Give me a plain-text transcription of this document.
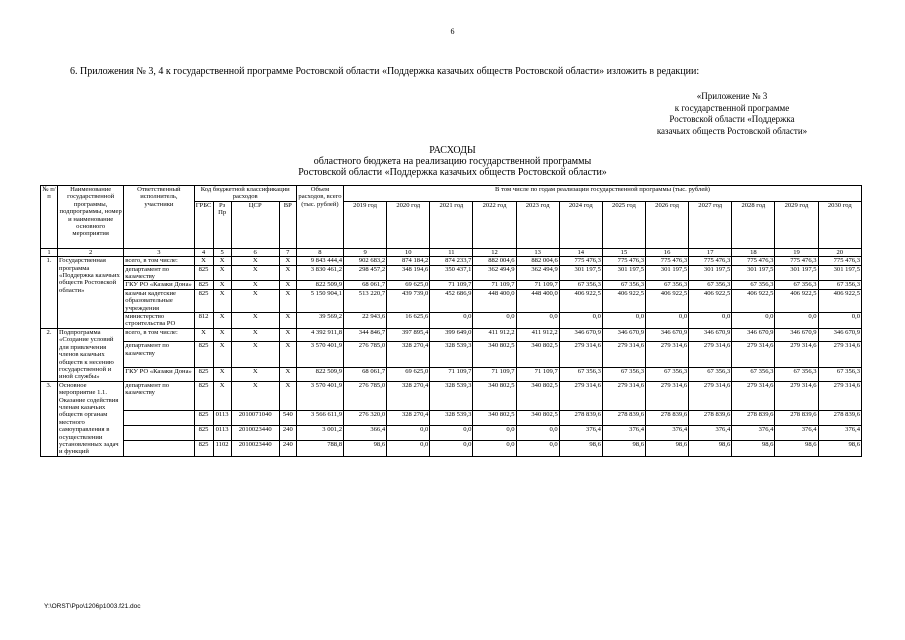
6
6. Приложения № 3, 4 к государственной программе Ростовской области «Поддержка казачьих обществ Ростовской области» изложить в редакции:
«Приложение № 3
к государственной программе
Ростовской области «Поддержка
казачьих обществ Ростовской области»
РАСХОДЫ
областного бюджета на реализацию государственной программы
Ростовской области «Поддержка казачьих обществ Ростовской области»
№ п/п	Наименование государственной программы, подпрограммы, номер и наименование основного мероприятия	Ответственный исполнитель, участники	Код бюджетной классификации расходов				Объем расходов, всего (тыс. рублей)	В том числе по годам реализации государственной программы (тыс. рублей)											
			ГРБС	Рз Пр	ЦСР	ВР		2019 год	2020 год	2021 год	2022 год	2023 год	2024 год	2025 год	2026 год	2027 год	2028 год	2029 год	2030 год
1	2	3	4	5	6	7	8	9	10	11	12	13	14	15	16	17	18	19	20
1.	Государственная программа «Поддержка казачьих обществ Ростовской области»	всего, в том числе:	X	X	X	X	9 843 444,4	902 683,2	874 184,2	874 233,7	882 004,6	882 004,6	775 476,3	775 476,3	775 476,3	775 476,3	775 476,3	775 476,3	775 476,3
		департамент по казачеству	825	X	X	X	3 830 461,2	298 457,2	348 194,6	350 437,1	362 494,9	362 494,9	301 197,5	301 197,5	301 197,5	301 197,5	301 197,5	301 197,5	301 197,5
		ГКУ РО «Казаки Дона»	825	X	X	X	822 509,9	68 061,7	69 625,0	71 109,7	71 109,7	71 109,7	67 356,3	67 356,3	67 356,3	67 356,3	67 356,3	67 356,3	67 356,3
		казачьи кадетские образовательные учреждения	825	X	X	X	5 150 904,1	513 220,7	439 739,0	452 686,9	448 400,0	448 400,0	406 922,5	406 922,5	406 922,5	406 922,5	406 922,5	406 922,5	406 922,5
		министерство строительства РО	812	X	X	X	39 569,2	22 943,6	16 625,6	0,0	0,0	0,0	0,0	0,0	0,0	0,0	0,0	0,0	0,0
2.	Подпрограмма «Создание условий для привлечения членов казачьих обществ к несению государственной и иной службы»	всего, в том числе:	X	X	X	X	4 392 911,8	344 846,7	397 895,4	399 649,0	411 912,2	411 912,2	346 670,9	346 670,9	346 670,9	346 670,9	346 670,9	346 670,9	346 670,9
		департамент по казачеству	825	X	X	X	3 570 401,9	276 785,0	328 270,4	328 539,3	340 802,5	340 802,5	279 314,6	279 314,6	279 314,6	279 314,6	279 314,6	279 314,6	279 314,6
		ГКУ РО «Казаки Дона»	825	X	X	X	822 509,9	68 061,7	69 625,0	71 109,7	71 109,7	71 109,7	67 356,3	67 356,3	67 356,3	67 356,3	67 356,3	67 356,3	67 356,3
3.	Основное мероприятие 1.1. Оказание содействия членам казачьих обществ органам местного самоуправления в осуществлении установленных задач и функций	департамент по казачеству	825	X	X	X	3 570 401,9	276 785,0	328 270,4	328 539,3	340 802,5	340 802,5	279 314,6	279 314,6	279 314,6	279 314,6	279 314,6	279 314,6	279 314,6
			825	0113	2010071040	540	3 566 611,9	276 320,0	328 270,4	328 539,3	340 802,5	340 802,5	278 839,6	278 839,6	278 839,6	278 839,6	278 839,6	278 839,6	278 839,6
			825	0113	2010023440	240	3 001,2	366,4	0,0	0,0	0,0	0,0	376,4	376,4	376,4	376,4	376,4	376,4	376,4
			825	1102	2010023440	240	788,8	98,6	0,0	0,0	0,0	0,0	98,6	98,6	98,6	98,6	98,6	98,6	98,6
Y:\ORST\Ppo\1206p1003.f21.doc
